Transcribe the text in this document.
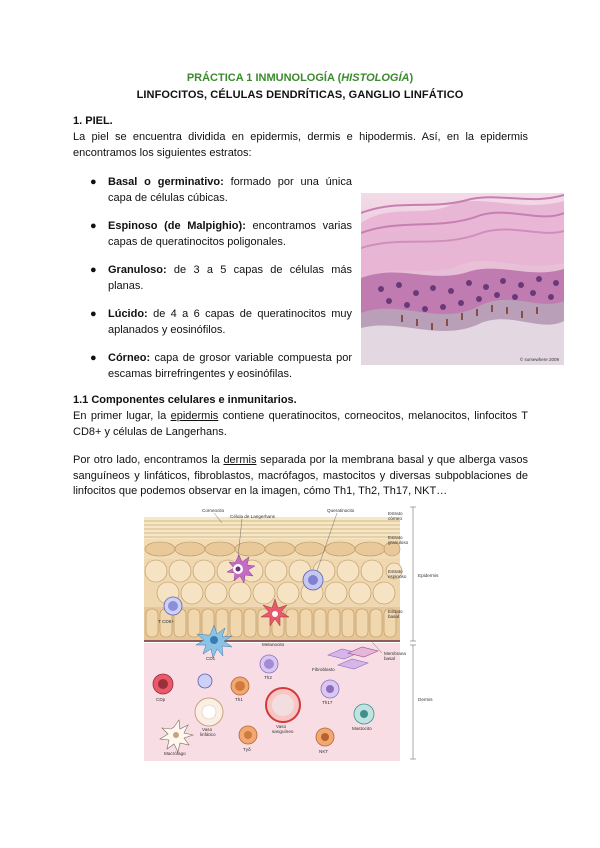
PRÁCTICA 1 INMUNOLOGÍA (HISTOLOGÍA)
LINFOCITOS, CÉLULAS DENDRÍTICAS, GANGLIO LINFÁTICO
1. PIEL.
La piel se encuentra dividida en epidermis, dermis e hipodermis. Así, en la epidermis encontramos los siguientes estratos:
● Basal o germinativo: formado por una única capa de células cúbicas.
● Espinoso (de Malpighio): encontramos varias capas de queratinocitos poligonales.
● Granuloso: de 3 a 5 capas de células más planas.
● Lúcido: de 4 a 6 capas de queratinocitos muy aplanados y eosinófilos.
● Córneo: capa de grosor variable compuesta por escamas birrefringentes y eosinófilas.
© somewhere 2009
1.1 Componentes celulares e inmunitarios.
En primer lugar, la epidermis contiene queratinocitos, corneocitos, melanocitos, linfocitos T CD8+ y células de Langerhans.
Por otro lado, encontramos la dermis separada por la membrana basal y que alberga vasos sanguíneos y linfáticos, fibroblastos, macrófagos, mastocitos y diversas subpoblaciones de linfocitos que podemos observar en la imagen, cómo Th1, Th2, Th17, NKT…
Corneocito
Célula de Langerhans
Queratinocito
Estrato
córneo
Estrato
granuloso
Estrato
espinoso
Estrato
basal
Epidermis
Membrana
basal
Dermis
T CD8+
Melanocito
CD1
Th2
Fibroblasto
CDp	Th1
Th17
Vaso
linfático
Vaso
sanguíneo
Mastocito
Macrófago
Tγδ	NKT
